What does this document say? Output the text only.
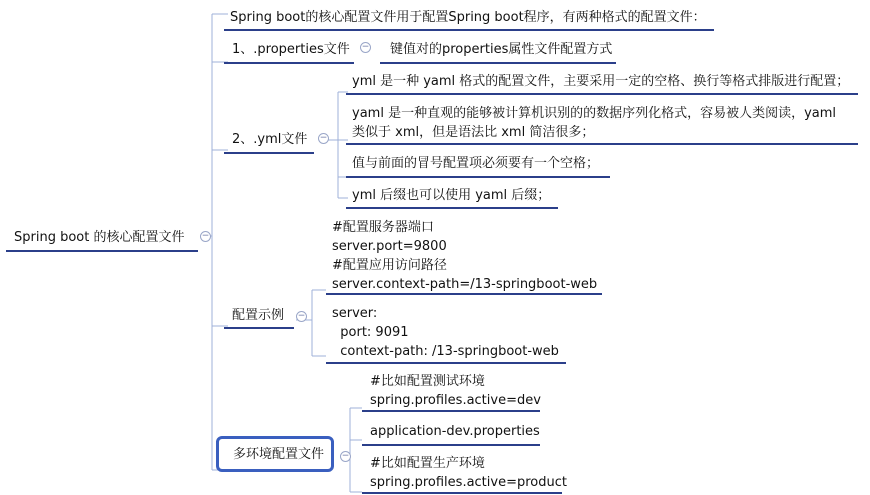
Spring boot 的核心配置文件 −
Spring boot的核心配置文件用于配置Spring boot程序，有两种格式的配置文件：
1、.properties文件 − 键值对的properties属性文件配置方式
2、.yml文件 −
yml 是一种 yaml 格式的配置文件，主要采用一定的空格、换行等格式排版进行配置；
yaml 是一种直观的能够被计算机识别的的数据序列化格式，容易被人类阅读，yaml 类似于 xml，但是语法比 xml 简洁很多；
值与前面的冒号配置项必须要有一个空格；
yml 后缀也可以使用 yaml 后缀；
配置示例 −
#配置服务器端口
server.port=9800
#配置应用访问路径
server.context-path=/13-springboot-web
server:
port: 9091
context-path: /13-springboot-web
多环境配置文件	−
#比如配置测试环境
spring.profiles.active=dev
application-dev.properties
#比如配置生产环境
spring.profiles.active=product
